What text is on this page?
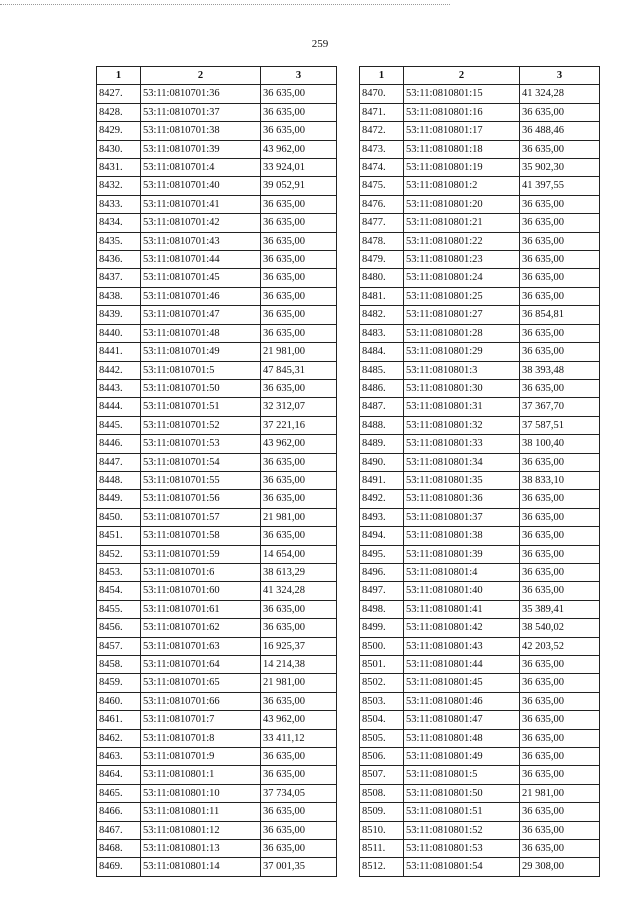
259
1	2	3
8427.	53:11:0810701:36	36 635,00
8428.	53:11:0810701:37	36 635,00
8429.	53:11:0810701:38	36 635,00
8430.	53:11:0810701:39	43 962,00
8431.	53:11:0810701:4	33 924,01
8432.	53:11:0810701:40	39 052,91
8433.	53:11:0810701:41	36 635,00
8434.	53:11:0810701:42	36 635,00
8435.	53:11:0810701:43	36 635,00
8436.	53:11:0810701:44	36 635,00
8437.	53:11:0810701:45	36 635,00
8438.	53:11:0810701:46	36 635,00
8439.	53:11:0810701:47	36 635,00
8440.	53:11:0810701:48	36 635,00
8441.	53:11:0810701:49	21 981,00
8442.	53:11:0810701:5	47 845,31
8443.	53:11:0810701:50	36 635,00
8444.	53:11:0810701:51	32 312,07
8445.	53:11:0810701:52	37 221,16
8446.	53:11:0810701:53	43 962,00
8447.	53:11:0810701:54	36 635,00
8448.	53:11:0810701:55	36 635,00
8449.	53:11:0810701:56	36 635,00
8450.	53:11:0810701:57	21 981,00
8451.	53:11:0810701:58	36 635,00
8452.	53:11:0810701:59	14 654,00
8453.	53:11:0810701:6	38 613,29
8454.	53:11:0810701:60	41 324,28
8455.	53:11:0810701:61	36 635,00
8456.	53:11:0810701:62	36 635,00
8457.	53:11:0810701:63	16 925,37
8458.	53:11:0810701:64	14 214,38
8459.	53:11:0810701:65	21 981,00
8460.	53:11:0810701:66	36 635,00
8461.	53:11:0810701:7	43 962,00
8462.	53:11:0810701:8	33 411,12
8463.	53:11:0810701:9	36 635,00
8464.	53:11:0810801:1	36 635,00
8465.	53:11:0810801:10	37 734,05
8466.	53:11:0810801:11	36 635,00
8467.	53:11:0810801:12	36 635,00
8468.	53:11:0810801:13	36 635,00
8469.	53:11:0810801:14	37 001,35
1	2	3
8470.	53:11:0810801:15	41 324,28
8471.	53:11:0810801:16	36 635,00
8472.	53:11:0810801:17	36 488,46
8473.	53:11:0810801:18	36 635,00
8474.	53:11:0810801:19	35 902,30
8475.	53:11:0810801:2	41 397,55
8476.	53:11:0810801:20	36 635,00
8477.	53:11:0810801:21	36 635,00
8478.	53:11:0810801:22	36 635,00
8479.	53:11:0810801:23	36 635,00
8480.	53:11:0810801:24	36 635,00
8481.	53:11:0810801:25	36 635,00
8482.	53:11:0810801:27	36 854,81
8483.	53:11:0810801:28	36 635,00
8484.	53:11:0810801:29	36 635,00
8485.	53:11:0810801:3	38 393,48
8486.	53:11:0810801:30	36 635,00
8487.	53:11:0810801:31	37 367,70
8488.	53:11:0810801:32	37 587,51
8489.	53:11:0810801:33	38 100,40
8490.	53:11:0810801:34	36 635,00
8491.	53:11:0810801:35	38 833,10
8492.	53:11:0810801:36	36 635,00
8493.	53:11:0810801:37	36 635,00
8494.	53:11:0810801:38	36 635,00
8495.	53:11:0810801:39	36 635,00
8496.	53:11:0810801:4	36 635,00
8497.	53:11:0810801:40	36 635,00
8498.	53:11:0810801:41	35 389,41
8499.	53:11:0810801:42	38 540,02
8500.	53:11:0810801:43	42 203,52
8501.	53:11:0810801:44	36 635,00
8502.	53:11:0810801:45	36 635,00
8503.	53:11:0810801:46	36 635,00
8504.	53:11:0810801:47	36 635,00
8505.	53:11:0810801:48	36 635,00
8506.	53:11:0810801:49	36 635,00
8507.	53:11:0810801:5	36 635,00
8508.	53:11:0810801:50	21 981,00
8509.	53:11:0810801:51	36 635,00
8510.	53:11:0810801:52	36 635,00
8511.	53:11:0810801:53	36 635,00
8512.	53:11:0810801:54	29 308,00
